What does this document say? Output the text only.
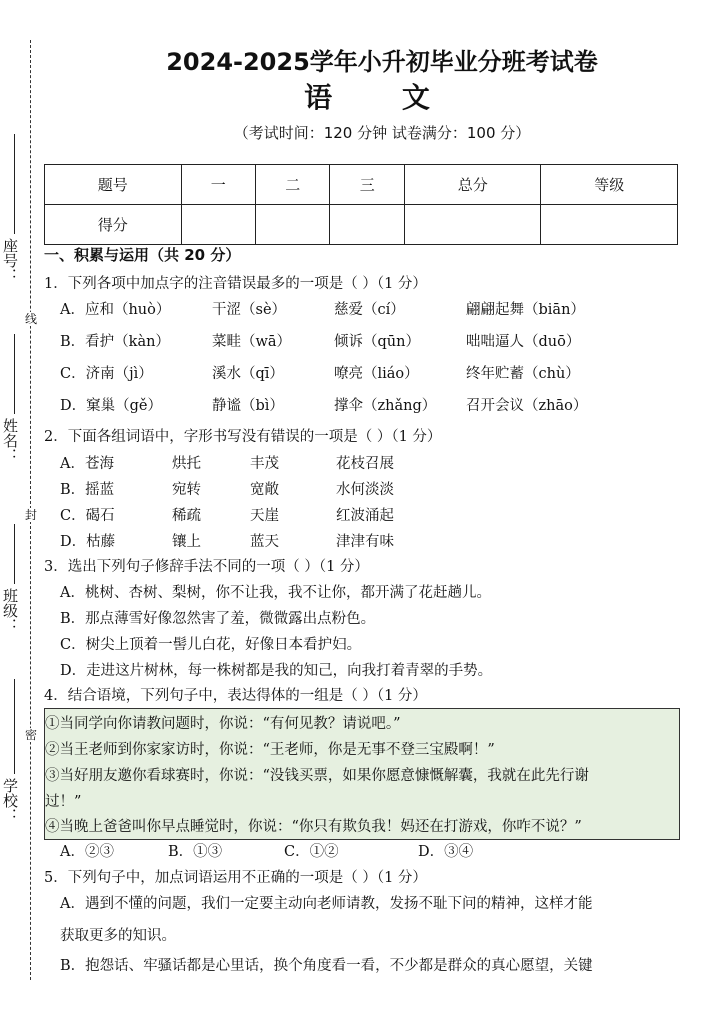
座号：
线
姓名：
封
班级：
密
学校：
2024-2025学年小升初毕业分班考试卷
语 文
（考试时间：120 分钟 试卷满分：100 分）
题号	一	二	三	总分	等级
得分					
一、积累与运用（共 20 分）
1．下列各项中加点字的注音错误最多的一项是（ ）（1 分）
A．应和（huò）	干涩（sè）	慈爱（cí）	翩翩起舞（biān）
B．看护（kàn）	菜畦（wā）	倾诉（qūn）	咄咄逼人（duō）
C．济南（jì）	溪水（qī）	嘹亮（liáo）	终年贮蓄（chù）
D．窠巢（gě）	静谧（bì）	撑伞（zhǎng） 召开会议（zhāo）
2．下面各组词语中，字形书写没有错误的一项是（ ）（1 分）
A．苍海	烘托	丰茂	花枝召展
B．摇蓝	宛转	宽敞	水何淡淡
C．碣石	稀疏	天崖	红波涌起
D．枯藤	镶上	蓝天	津津有味
3．选出下列句子修辞手法不同的一项（ ）（1 分）
A．桃树、杏树、梨树，你不让我，我不让你，都开满了花赶趟儿。
B．那点薄雪好像忽然害了羞，微微露出点粉色。
C．树尖上顶着一髻儿白花，好像日本看护妇。
D．走进这片树林，每一株树都是我的知己，向我打着青翠的手势。
4．结合语境，下列句子中，表达得体的一组是（ ）（1 分）
①当同学向你请教问题时，你说：“有何见教？请说吧。”
②当王老师到你家家访时，你说：“王老师，你是无事不登三宝殿啊！”
③当好朋友邀你看球赛时，你说：“没钱买票，如果你愿意慷慨解囊，我就在此先行谢
过！”
④当晚上爸爸叫你早点睡觉时，你说：“你只有欺负我！妈还在打游戏，你咋不说？”
A．②③	B．①③	C．①②	D．③④
5．下列句子中，加点词语运用不正确的一项是（ ）（1 分）
A．遇到不懂的问题，我们一定要主动向老师请教，发扬不耻下问的精神，这样才能
获取更多的知识。
B．抱怨话、牢骚话都是心里话，换个角度看一看，不少都是群众的真心愿望，关键
